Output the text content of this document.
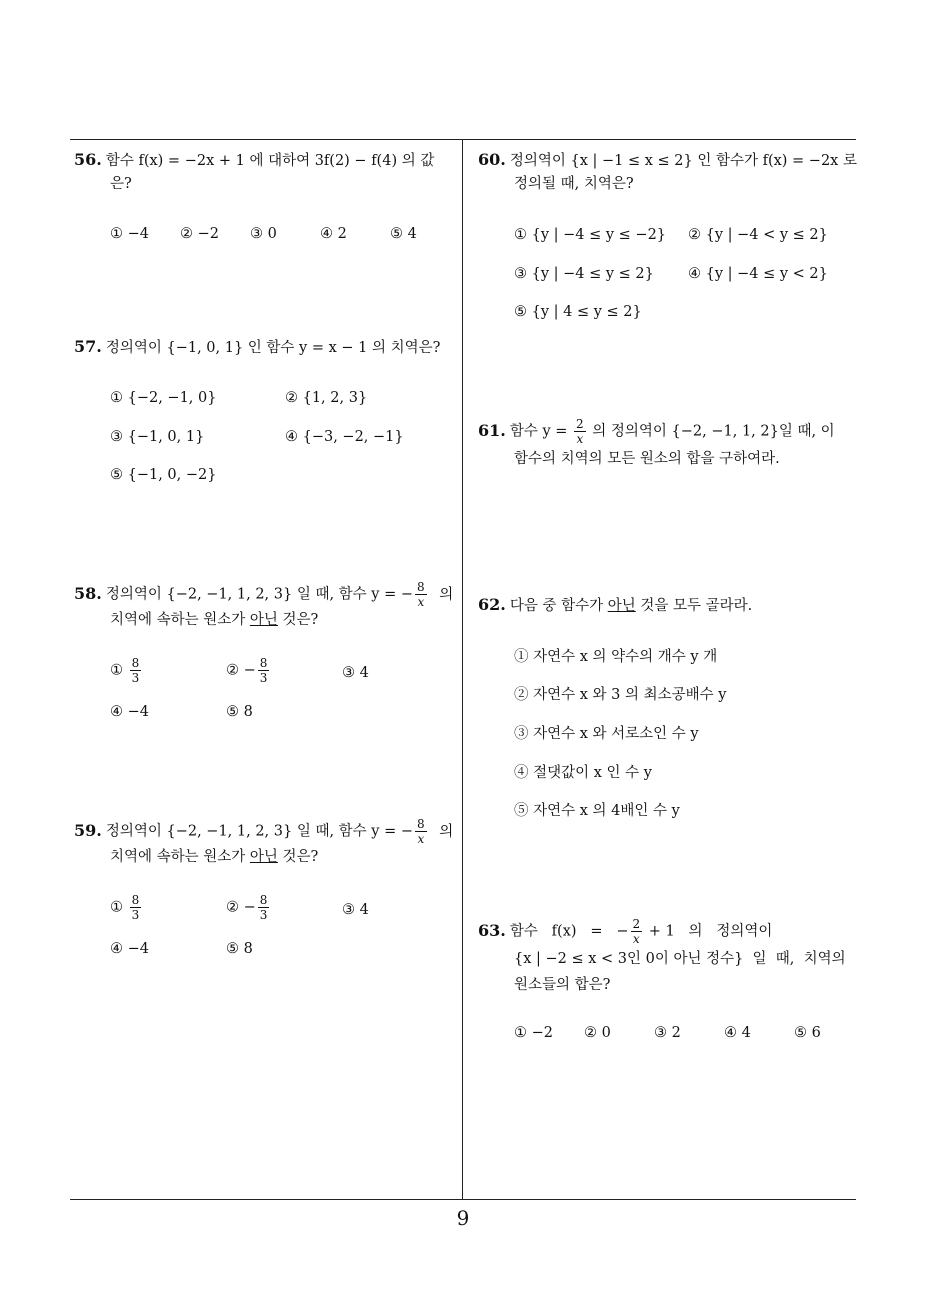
56. 함수 f(x) = −2x + 1 에 대하여 3f(2) − f(4) 의 값
은?
① −4 ② −2 ③ 0	④ 2	⑤ 4
57. 정의역이 {−1, 0, 1} 인 함수 y = x − 1 의 치역은?
① {−2, −1, 0}	② {1, 2, 3}
③ {−1, 0, 1}	④ {−3, −2, −1}
⑤ {−1, 0, −2}
58. 정의역이 {−2, −1, 1, 2, 3} 일 때, 함수 y = − $\frac{8}{x}$ 의
치역에 속하는 원소가 아닌 것은?
① $\frac{8}{3}$	② − $\frac{8}{3}$	③ 4
④ −4	⑤ 8
59. 정의역이 {−2, −1, 1, 2, 3} 일 때, 함수 y = − $\frac{8}{x}$ 의
치역에 속하는 원소가 아닌 것은?
① $\frac{8}{3}$	② − $\frac{8}{3}$	③ 4
④ −4	⑤ 8
60. 정의역이 {x | −1 ≤ x ≤ 2} 인 함수가 f(x) = −2x 로
정의될 때, 치역은?
① {y | −4 ≤ y ≤ −2} ② {y | −4 < y ≤ 2}
③ {y | −4 ≤ y ≤ 2} ④ {y | −4 ≤ y < 2}
⑤ {y | 4 ≤ y ≤ 2}
61. 함수 $y = \frac{2}{x}$ 의 정의역이 {−2, −1, 1, 2}일 때, 이
함수의 치역의 모든 원소의 합을 구하여라.
62. 다음 중 함수가 아닌 것을 모두 골라라.
① 자연수 x 의 약수의 개수 y 개
② 자연수 x 와 3 의 최소공배수 y
③ 자연수 x 와 서로소인 수 y
④ 절댓값이 x 인 수 y
⑤ 자연수 x 의 4배인 수 y
63. 함수   f(x)   =   − $\frac{2}{x} + 1$   의   정의역이
{x | −2 ≤ x < 3인 0이 아닌 정수}  일  때,  치역의
원소들의 합은?
① −2 ② 0	③ 2	④ 4	⑤ 6
9
